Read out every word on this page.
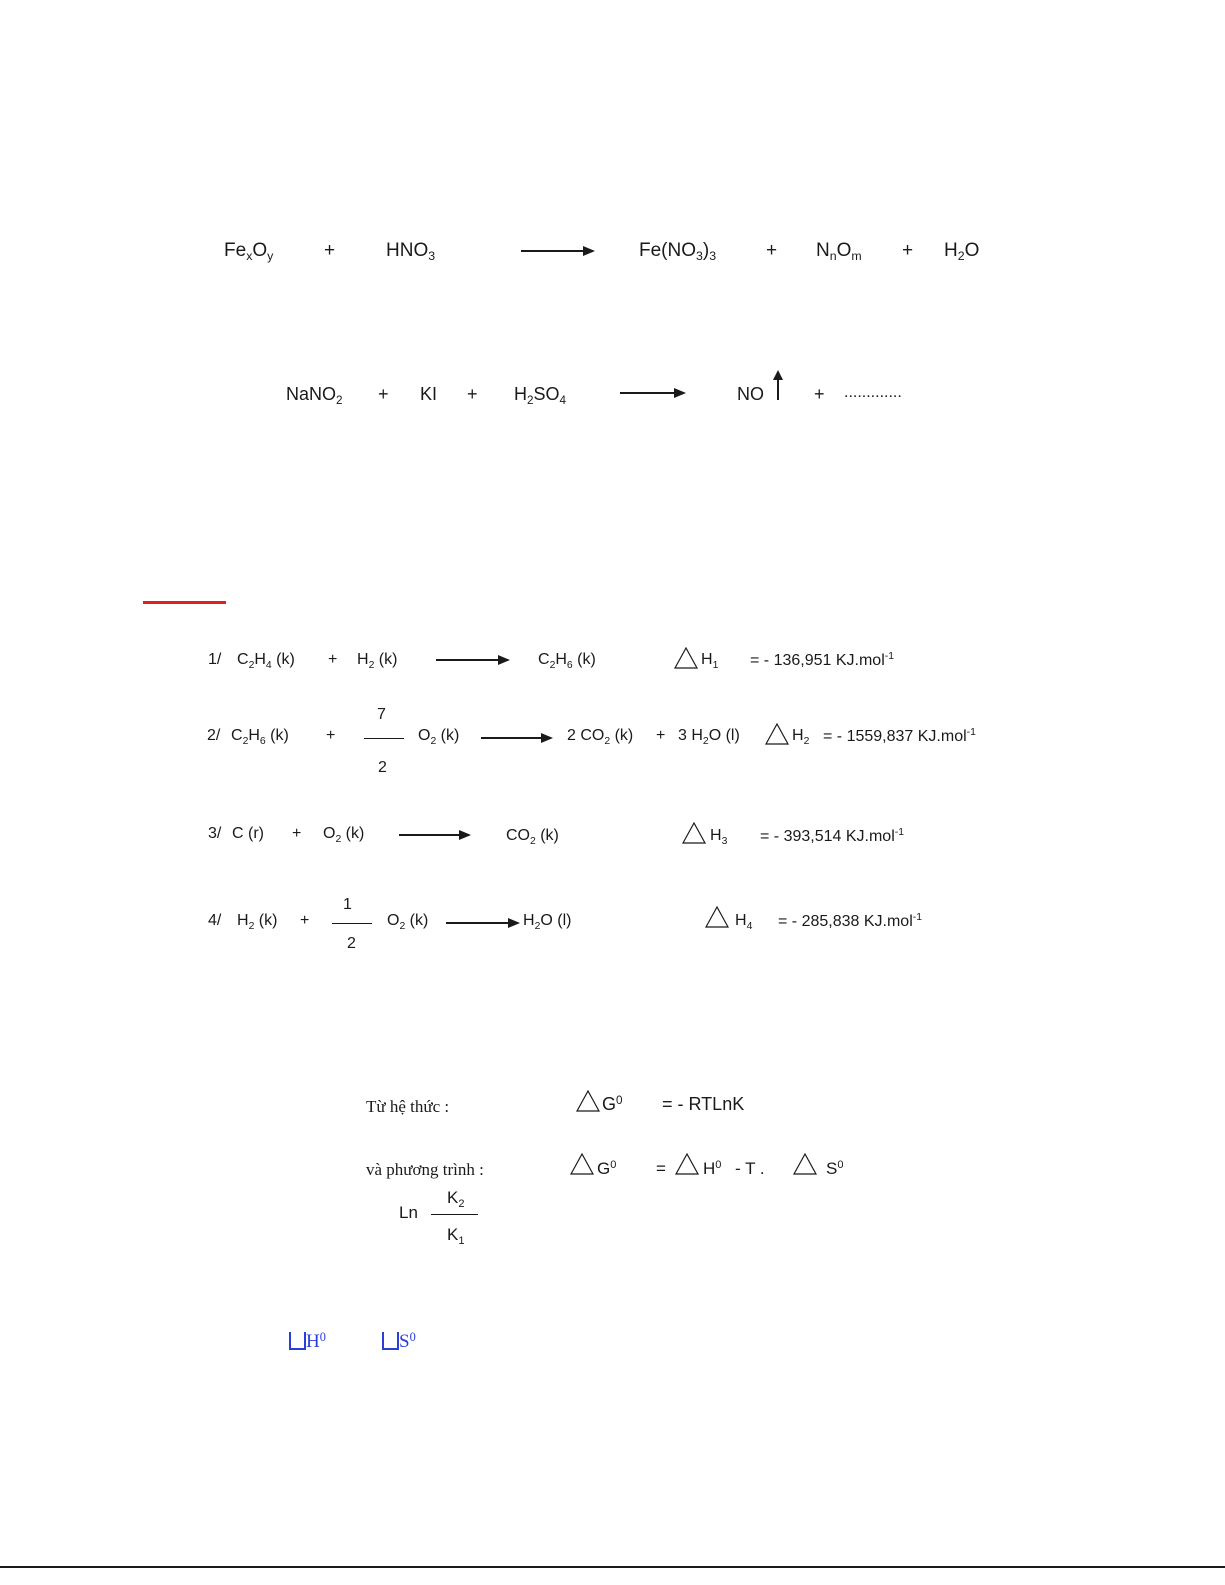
$Fe_xO_y$	+	$HNO_3$	$Fe(NO_3)_3$	+ $N_nO_m + H_2O$
NaNO$_2$ + KI + $H_2SO_4$	NO	+ .............
1/ $C_2H_4$ $(k) + H_2$ (k)	$C_2H_6$ (k)	$H_1$ = - 136,951 KJ.mol$^{-1}$
2/ $C_2H_6$ (k) +
7
2
$O_2$ (k)	2 $CO_2$ (k) + 3 $H_2O$ (l)	$H_2$ = - 1559,837 KJ.mol$^{-1}$
3/ C $(r) + O_2$ (k)	$CO_2$ (k)	$H_3$ = - 393,514 KJ.mol$^{-1}$
4/ $H_2$ (k) +
1
2
$O_2$ (k)	$H_2O$ (l)	$H_4$ = - 285,838 KJ.mol$^{-1}$
Từ hệ thức :	$G^0$ = - RTLnK
và phương trình :	$G^0 = H^0 - T$ .	$S^0$
Ln
$K_2$
$K_1$
$H^0$	$S^0$
